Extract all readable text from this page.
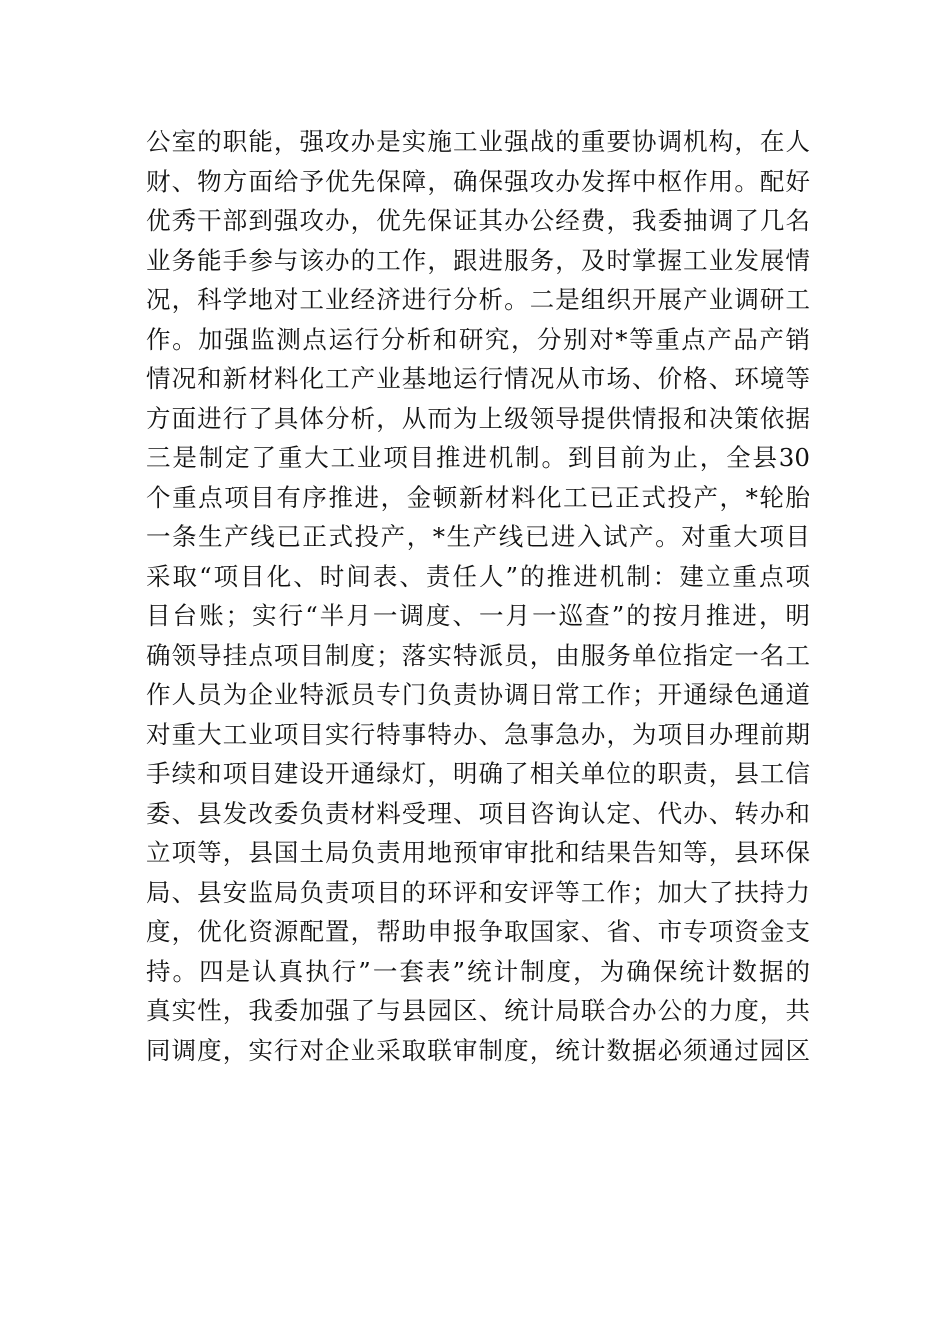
公室的职能，强攻办是实施工业强战的重要协调机构，在人
财、物方面给予优先保障，确保强攻办发挥中枢作用。配好
优秀干部到强攻办，优先保证其办公经费，我委抽调了几名
业务能手参与该办的工作，跟进服务，及时掌握工业发展情
况，科学地对工业经济进行分析。二是组织开展产业调研工
作。加强监测点运行分析和研究，分别对*等重点产品产销
情况和新材料化工产业基地运行情况从市场、价格、环境等
方面进行了具体分析，从而为上级领导提供情报和决策依据
三是制定了重大工业项目推进机制。到目前为止，全县30
个重点项目有序推进，金顿新材料化工已正式投产，*轮胎
一条生产线已正式投产，*生产线已进入试产。对重大项目
采取“项目化、时间表、责任人”的推进机制：建立重点项
目台账；实行“半月一调度、一月一巡查”的按月推进，明
确领导挂点项目制度；落实特派员，由服务单位指定一名工
作人员为企业特派员专门负责协调日常工作；开通绿色通道
对重大工业项目实行特事特办、急事急办，为项目办理前期
手续和项目建设开通绿灯，明确了相关单位的职责，县工信
委、县发改委负责材料受理、项目咨询认定、代办、转办和
立项等，县国土局负责用地预审审批和结果告知等，县环保
局、县安监局负责项目的环评和安评等工作；加大了扶持力
度，优化资源配置，帮助申报争取国家、省、市专项资金支
持。四是认真执行”一套表”统计制度，为确保统计数据的
真实性，我委加强了与县园区、统计局联合办公的力度，共
同调度，实行对企业采取联审制度，统计数据必须通过园区
